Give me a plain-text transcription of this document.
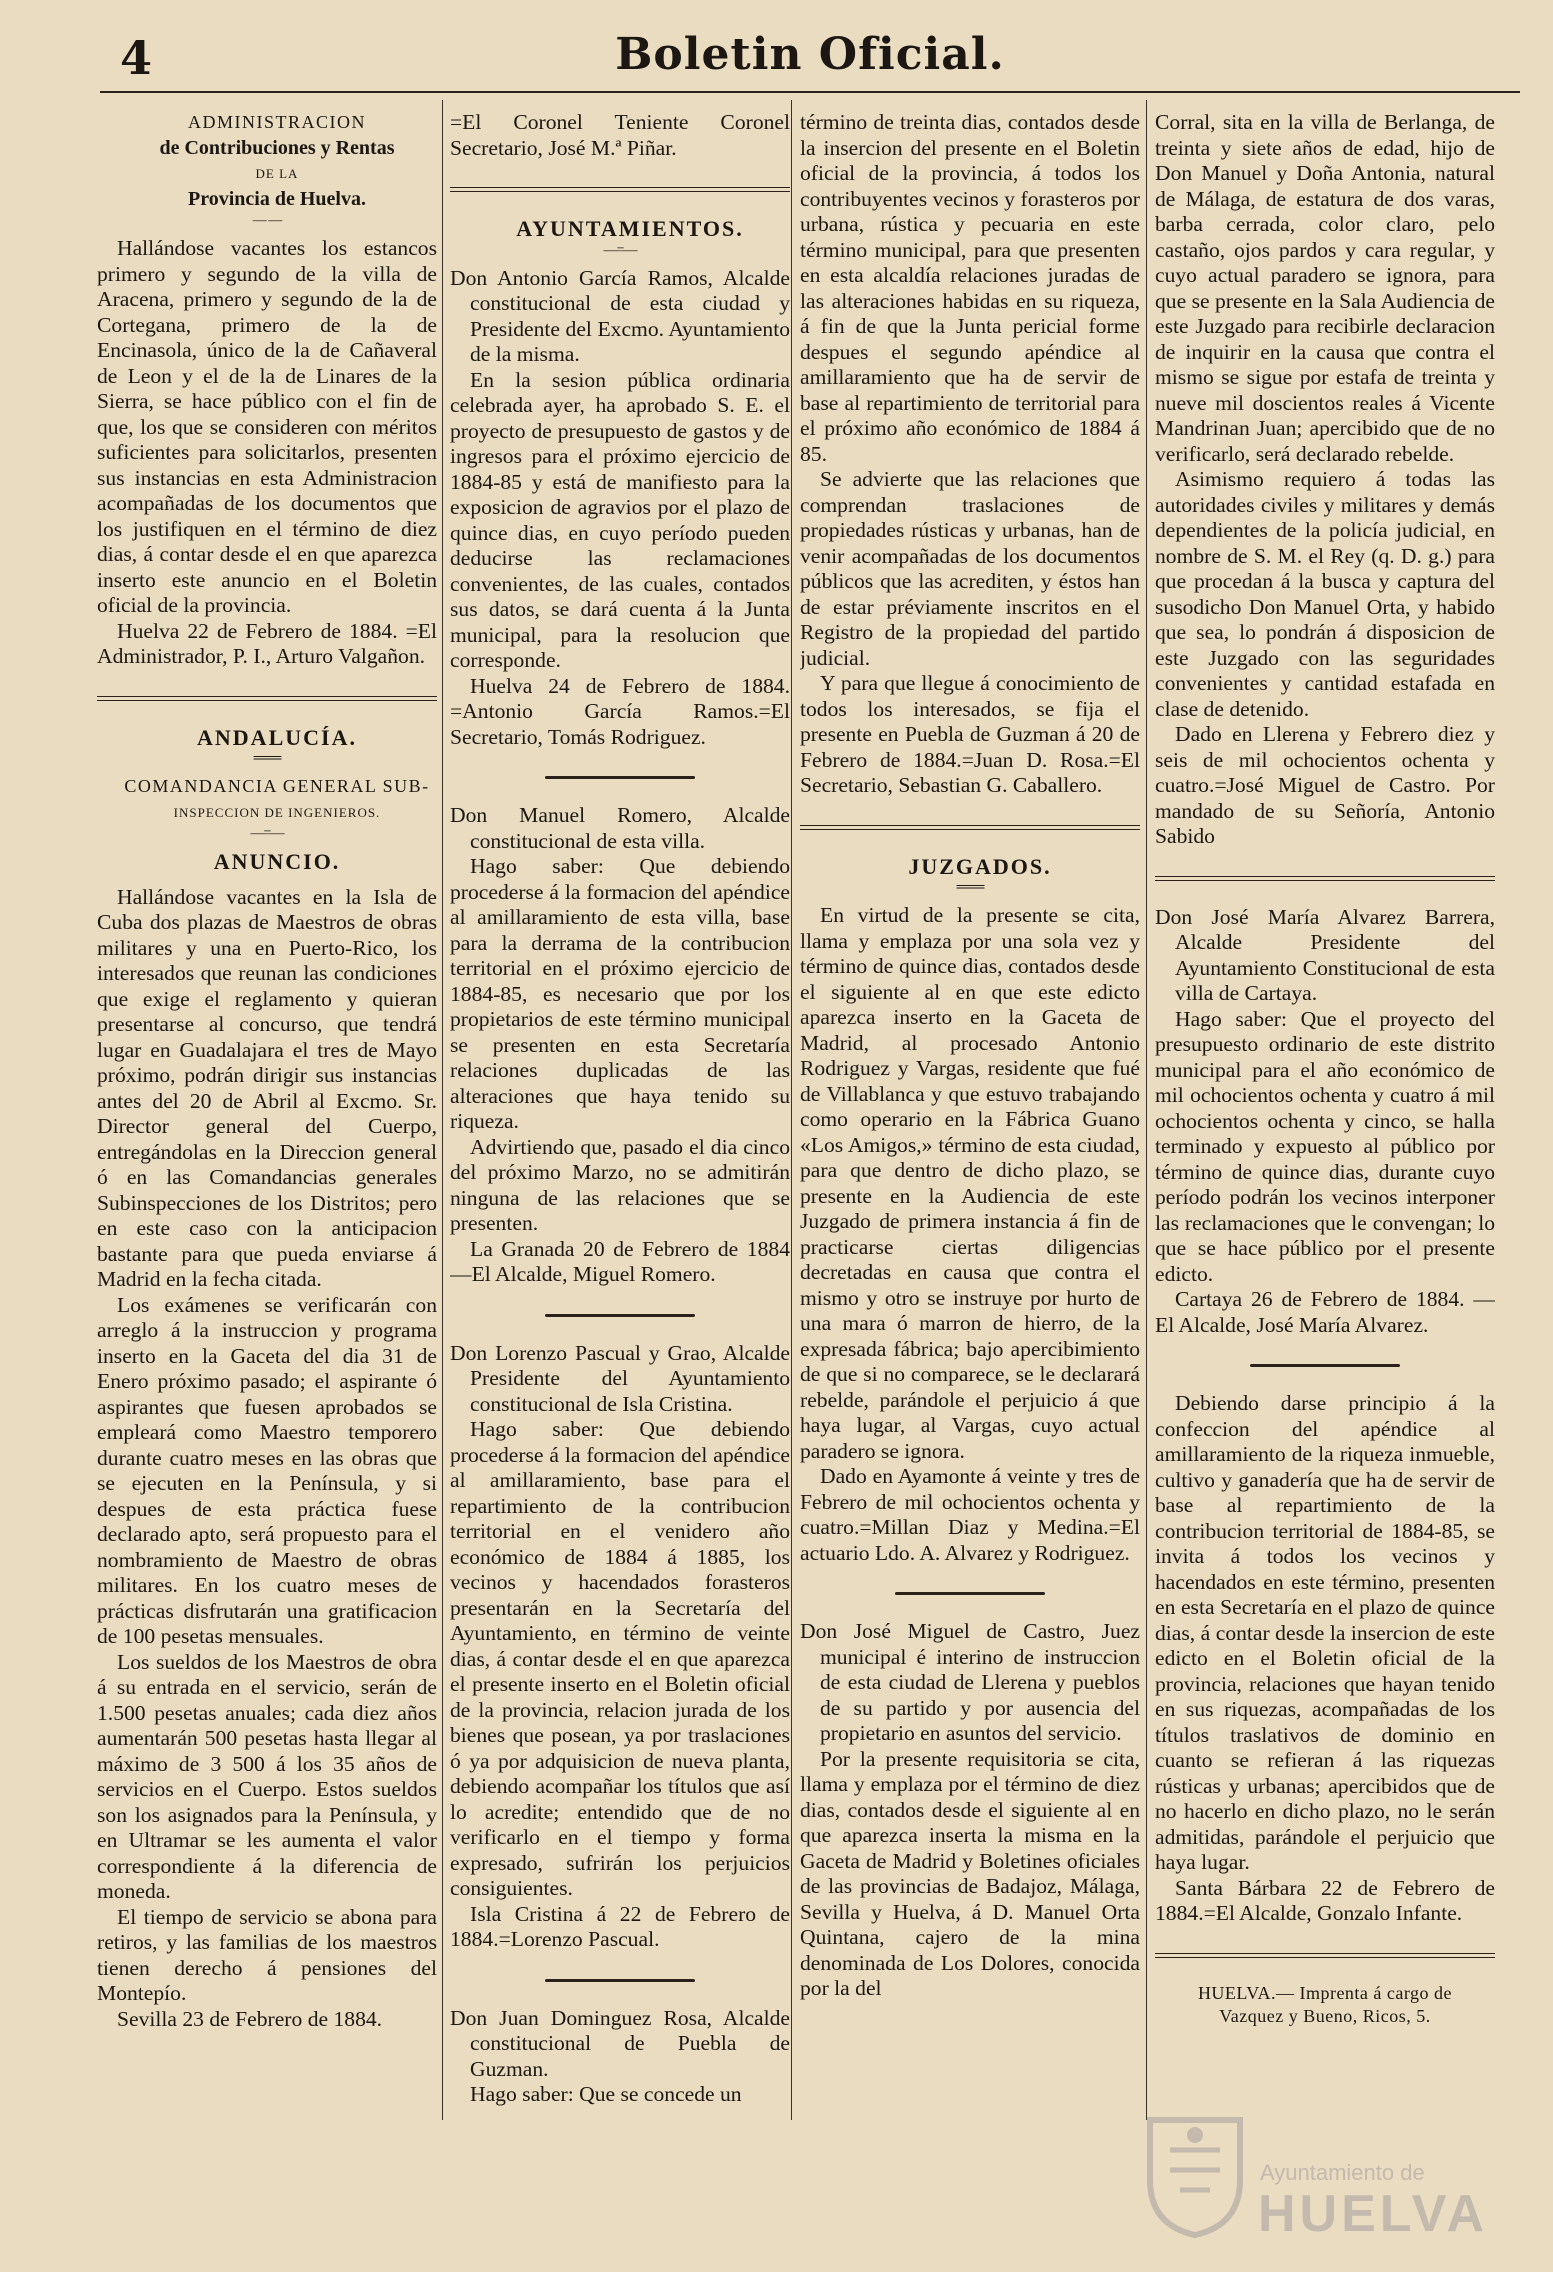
4	Boletin Oficial.

ADMINISTRACION

de Contribuciones y Rentas

DE LA

Provincia de Huelva.

— —

Hallándose vacantes los estancos primero y segundo de la villa de Aracena, primero y segundo de la de Cortegana, primero de la de Encinasola, único de la de Cañaveral de Leon y el de la de Linares de la Sierra, se hace público con el fin de que, los que se consideren con méritos suficientes para solicitarlos, presenten sus instancias en esta Administracion acompañadas de los documentos que los justifiquen en el término de diez dias, á contar desde el en que aparezca inserto este anuncio en el Boletin oficial de la provincia.

Huelva 22 de Febrero de 1884. =El Administrador, P. I., Arturo Valgañon.

ANDALUCÍA.

═══

COMANDANCIA GENERAL SUB-

INSPECCION DE INGENIEROS.

—=—

ANUNCIO.

Hallándose vacantes en la Isla de Cuba dos plazas de Maestros de obras militares y una en Puerto-Rico, los interesados que reunan las condiciones que exige el reglamento y quieran presentarse al concurso, que tendrá lugar en Guadalajara el tres de Mayo próximo, podrán dirigir sus instancias antes del 20 de Abril al Excmo. Sr. Director general del Cuerpo, entregándolas en la Direccion general ó en las Comandancias generales Subinspecciones de los Distritos; pero en este caso con la anticipacion bastante para que pueda enviarse á Madrid en la fecha citada.

Los exámenes se verificarán con arreglo á la instruccion y programa inserto en la Gaceta del dia 31 de Enero próximo pasado; el aspirante ó aspirantes que fuesen aprobados se empleará como Maestro temporero durante cuatro meses en las obras que se ejecuten en la Península, y si despues de esta práctica fuese declarado apto, será propuesto para el nombramiento de Maestro de obras militares. En los cuatro meses de prácticas disfrutarán una gratificacion de 100 pesetas mensuales.

Los sueldos de los Maestros de obra á su entrada en el servicio, serán de 1.500 pesetas anuales; cada diez años aumentarán 500 pesetas hasta llegar al máximo de 3 500 á los 35 años de servicios en el Cuerpo. Estos sueldos son los asignados para la Península, y en Ultramar se les aumenta el valor correspondiente á la diferencia de moneda.

El tiempo de servicio se abona para retiros, y las familias de los maestros tienen derecho á pensiones del Montepío.

Sevilla 23 de Febrero de 1884.

=El Coronel Teniente Coronel Secretario, José M.ª Piñar.

AYUNTAMIENTOS.

—=—

Don Antonio García Ramos, Alcalde constitucional de esta ciudad y Presidente del Excmo. Ayuntamiento de la misma.

En la sesion pública ordinaria celebrada ayer, ha aprobado S. E. el proyecto de presupuesto de gastos y de ingresos para el próximo ejercicio de 1884-85 y está de manifiesto para la exposicion de agravios por el plazo de quince dias, en cuyo período pueden deducirse las reclamaciones convenientes, de las cuales, contados sus datos, se dará cuenta á la Junta municipal, para la resolucion que corresponde.

Huelva 24 de Febrero de 1884. =Antonio García Ramos.=El Secretario, Tomás Rodriguez.

Don Manuel Romero, Alcalde constitucional de esta villa.

Hago saber: Que debiendo procederse á la formacion del apéndice al amillaramiento de esta villa, base para la derrama de la contribucion territorial en el próximo ejercicio de 1884-85, es necesario que por los propietarios de este término municipal se presenten en esta Secretaría relaciones duplicadas de las alteraciones que haya tenido su riqueza.

Advirtiendo que, pasado el dia cinco del próximo Marzo, no se admitirán ninguna de las relaciones que se presenten.

La Granada 20 de Febrero de 1884 —El Alcalde, Miguel Romero.

Don Lorenzo Pascual y Grao, Alcalde Presidente del Ayuntamiento constitucional de Isla Cristina.

Hago saber: Que debiendo procederse á la formacion del apéndice al amillaramiento, base para el repartimiento de la contribucion territorial en el venidero año económico de 1884 á 1885, los vecinos y hacendados forasteros presentarán en la Secretaría del Ayuntamiento, en término de veinte dias, á contar desde el en que aparezca el presente inserto en el Boletin oficial de la provincia, relacion jurada de los bienes que posean, ya por traslaciones ó ya por adquisicion de nueva planta, debiendo acompañar los títulos que así lo acredite; entendido que de no verificarlo en el tiempo y forma expresado, sufrirán los perjuicios consiguientes.

Isla Cristina á 22 de Febrero de 1884.=Lorenzo Pascual.

Don Juan Dominguez Rosa, Alcalde constitucional de Puebla de Guzman.

Hago saber: Que se concede un

término de treinta dias, contados desde la insercion del presente en el Boletin oficial de la provincia, á todos los contribuyentes vecinos y forasteros por urbana, rústica y pecuaria en este término municipal, para que presenten en esta alcaldía relaciones juradas de las alteraciones habidas en su riqueza, á fin de que la Junta pericial forme despues el segundo apéndice al amillaramiento que ha de servir de base al repartimiento de territorial para el próximo año económico de 1884 á 85.

Se advierte que las relaciones que comprendan traslaciones de propiedades rústicas y urbanas, han de venir acompañadas de los documentos públicos que las acrediten, y éstos han de estar préviamente inscritos en el Registro de la propiedad del partido judicial.

Y para que llegue á conocimiento de todos los interesados, se fija el presente en Puebla de Guzman á 20 de Febrero de 1884.=Juan D. Rosa.=El Secretario, Sebastian G. Caballero.

JUZGADOS.

═══

En virtud de la presente se cita, llama y emplaza por una sola vez y término de quince dias, contados desde el siguiente al en que este edicto aparezca inserto en la Gaceta de Madrid, al procesado Antonio Rodriguez y Vargas, residente que fué de Villablanca y que estuvo trabajando como operario en la Fábrica Guano «Los Amigos,» término de esta ciudad, para que dentro de dicho plazo, se presente en la Audiencia de este Juzgado de primera instancia á fin de practicarse ciertas diligencias decretadas en causa que contra el mismo y otro se instruye por hurto de una mara ó marron de hierro, de la expresada fábrica; bajo apercibimiento de que si no comparece, se le declarará rebelde, parándole el perjuicio á que haya lugar, al Vargas, cuyo actual paradero se ignora.

Dado en Ayamonte á veinte y tres de Febrero de mil ochocientos ochenta y cuatro.=Millan Diaz y Medina.=El actuario Ldo. A. Alvarez y Rodriguez.

Don José Miguel de Castro, Juez municipal é interino de instruccion de esta ciudad de Llerena y pueblos de su partido y por ausencia del propietario en asuntos del servicio.

Por la presente requisitoria se cita, llama y emplaza por el término de diez dias, contados desde el siguiente al en que aparezca inserta la misma en la Gaceta de Madrid y Boletines oficiales de las provincias de Badajoz, Málaga, Sevilla y Huelva, á D. Manuel Orta Quintana, cajero de la mina denominada de Los Dolores, conocida por la del

Corral, sita en la villa de Berlanga, de treinta y siete años de edad, hijo de Don Manuel y Doña Antonia, natural de Málaga, de estatura de dos varas, barba cerrada, color claro, pelo castaño, ojos pardos y cara regular, y cuyo actual paradero se ignora, para que se presente en la Sala Audiencia de este Juzgado para recibirle declaracion de inquirir en la causa que contra el mismo se sigue por estafa de treinta y nueve mil doscientos reales á Vicente Mandrinan Juan; apercibido que de no verificarlo, será declarado rebelde.

Asimismo requiero á todas las autoridades civiles y militares y demás dependientes de la policía judicial, en nombre de S. M. el Rey (q. D. g.) para que procedan á la busca y captura del susodicho Don Manuel Orta, y habido que sea, lo pondrán á disposicion de este Juzgado con las seguridades convenientes y cantidad estafada en clase de detenido.

Dado en Llerena y Febrero diez y seis de mil ochocientos ochenta y cuatro.=José Miguel de Castro. Por mandado de su Señoría, Antonio Sabido

Don José María Alvarez Barrera, Alcalde Presidente del Ayuntamiento Constitucional de esta villa de Cartaya.

Hago saber: Que el proyecto del presupuesto ordinario de este distrito municipal para el año económico de mil ochocientos ochenta y cuatro á mil ochocientos ochenta y cinco, se halla terminado y expuesto al público por término de quince dias, durante cuyo período podrán los vecinos interponer las reclamaciones que le convengan; lo que se hace público por el presente edicto.

Cartaya 26 de Febrero de 1884. — El Alcalde, José María Alvarez.

Debiendo darse principio á la confeccion del apéndice al amillaramiento de la riqueza inmueble, cultivo y ganadería que ha de servir de base al repartimiento de la contribucion territorial de 1884-85, se invita á todos los vecinos y hacendados en este término, presenten en esta Secretaría en el plazo de quince dias, á contar desde la insercion de este edicto en el Boletin oficial de la provincia, relaciones que hayan tenido en sus riquezas, acompañadas de los títulos traslativos de dominio en cuanto se refieran á las riquezas rústicas y urbanas; apercibidos que de no hacerlo en dicho plazo, no le serán admitidas, parándole el perjuicio que haya lugar.

Santa Bárbara 22 de Febrero de 1884.=El Alcalde, Gonzalo Infante.

HUELVA.— Imprenta á cargo de
Vazquez y Bueno, Ricos, 5.
Ayuntamiento de
HUELVA
